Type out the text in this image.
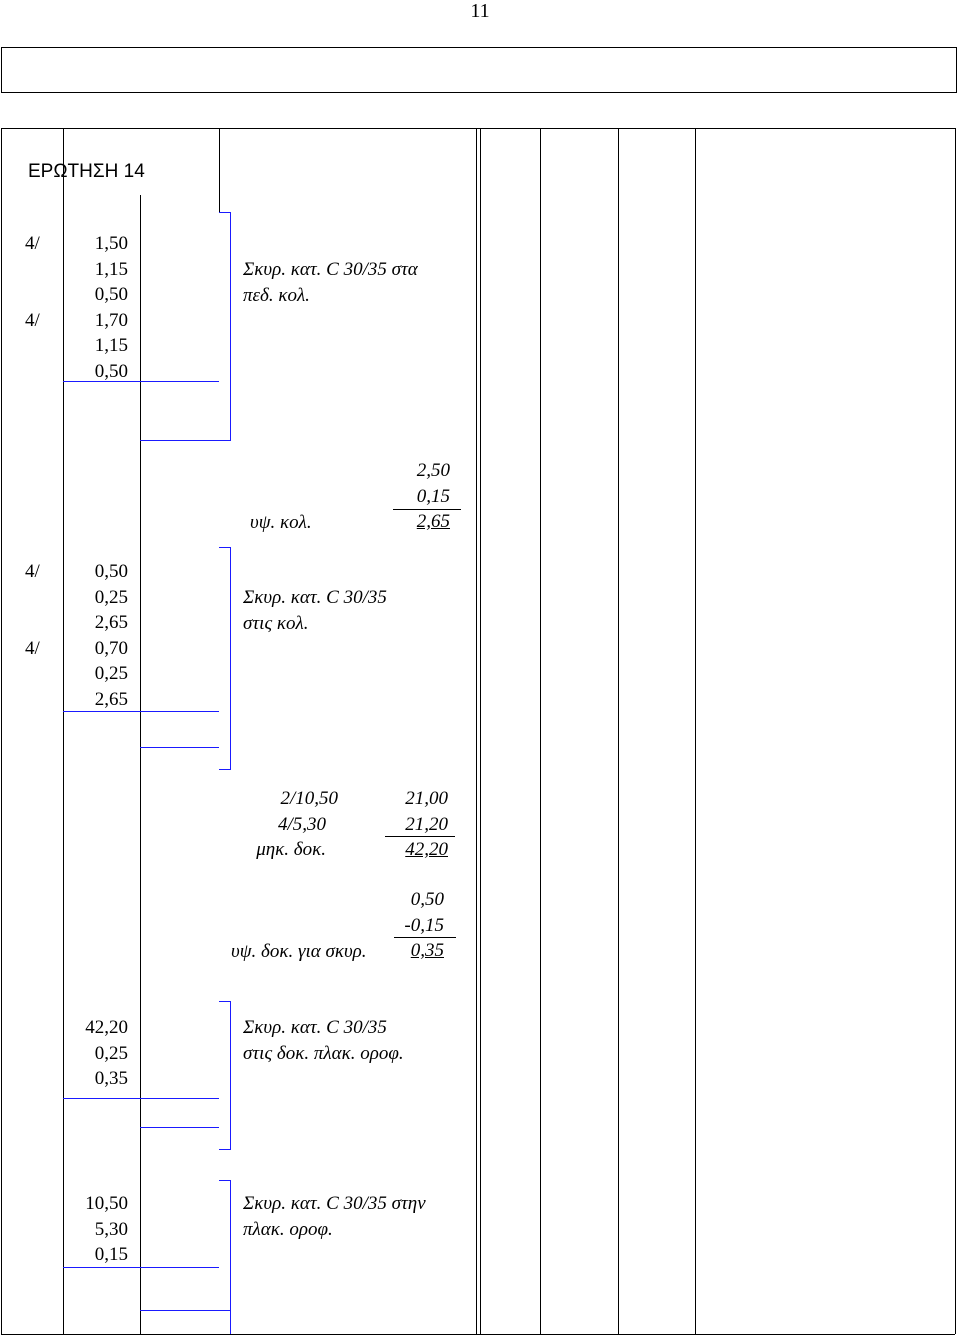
11
ΕΡΩΤΗΣΗ 14
4/

4/
1,50
1,15
0,50
1,70
1,15
0,50
Σκυρ. κατ. C 30/35 στα
πεδ. κολ.
υψ. κολ.
2,50
0,15
2,65
4/

4/
0,50
0,25
2,65
0,70
0,25
2,65
Σκυρ. κατ. C 30/35
στις κολ.
2/10,50
4/5,30
μηκ. δοκ.
21,00
21,20
42,20
υψ. δοκ. για σκυρ.
0,50
-0,15
0,35
42,20
0,25
0,35
Σκυρ. κατ. C 30/35
στις δοκ. πλακ. οροφ.
10,50
5,30
0,15
Σκυρ. κατ. C 30/35 στην
πλακ. οροφ.
